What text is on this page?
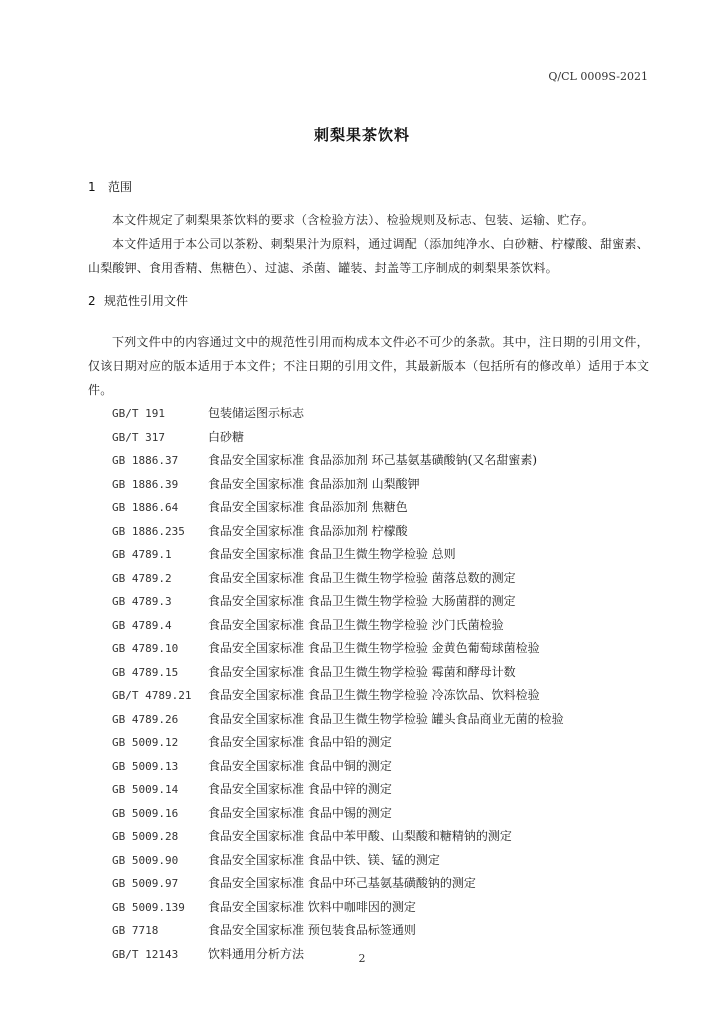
Q/CL 0009S-2021
刺梨果茶饮料
1 范围
本文件规定了刺梨果茶饮料的要求（含检验方法）、检验规则及标志、包装、运输、贮存。
本文件适用于本公司以茶粉、刺梨果汁为原料，通过调配（添加纯净水、白砂糖、柠檬酸、甜蜜素、山梨酸钾、食用香精、焦糖色）、过滤、杀菌、罐装、封盖等工序制成的刺梨果茶饮料。
2 规范性引用文件
下列文件中的内容通过文中的规范性引用而构成本文件必不可少的条款。其中，注日期的引用文件，仅该日期对应的版本适用于本文件；不注日期的引用文件，其最新版本（包括所有的修改单）适用于本文件。
GB/T 191	包装储运图示标志
GB/T 317	白砂糖
GB 1886.37	食品安全国家标准 食品添加剂 环己基氨基磺酸钠(又名甜蜜素)
GB 1886.39	食品安全国家标准 食品添加剂 山梨酸钾
GB 1886.64	食品安全国家标准 食品添加剂 焦糖色
GB 1886.235	食品安全国家标准 食品添加剂 柠檬酸
GB 4789.1	食品安全国家标准 食品卫生微生物学检验 总则
GB 4789.2	食品安全国家标准 食品卫生微生物学检验 菌落总数的测定
GB 4789.3	食品安全国家标准 食品卫生微生物学检验 大肠菌群的测定
GB 4789.4	食品安全国家标准 食品卫生微生物学检验 沙门氏菌检验
GB 4789.10	食品安全国家标准 食品卫生微生物学检验 金黄色葡萄球菌检验
GB 4789.15	食品安全国家标准 食品卫生微生物学检验 霉菌和酵母计数
GB/T 4789.21	食品安全国家标准 食品卫生微生物学检验 冷冻饮品、饮料检验
GB 4789.26	食品安全国家标准 食品卫生微生物学检验 罐头食品商业无菌的检验
GB 5009.12	食品安全国家标准 食品中铅的测定
GB 5009.13	食品安全国家标准 食品中铜的测定
GB 5009.14	食品安全国家标准 食品中锌的测定
GB 5009.16	食品安全国家标准 食品中锡的测定
GB 5009.28	食品安全国家标准 食品中苯甲酸、山梨酸和糖精钠的测定
GB 5009.90	食品安全国家标准 食品中铁、镁、锰的测定
GB 5009.97	食品安全国家标准 食品中环己基氨基磺酸钠的测定
GB 5009.139	食品安全国家标准 饮料中咖啡因的测定
GB 7718	食品安全国家标准 预包装食品标签通则
GB/T 12143	饮料通用分析方法	2
